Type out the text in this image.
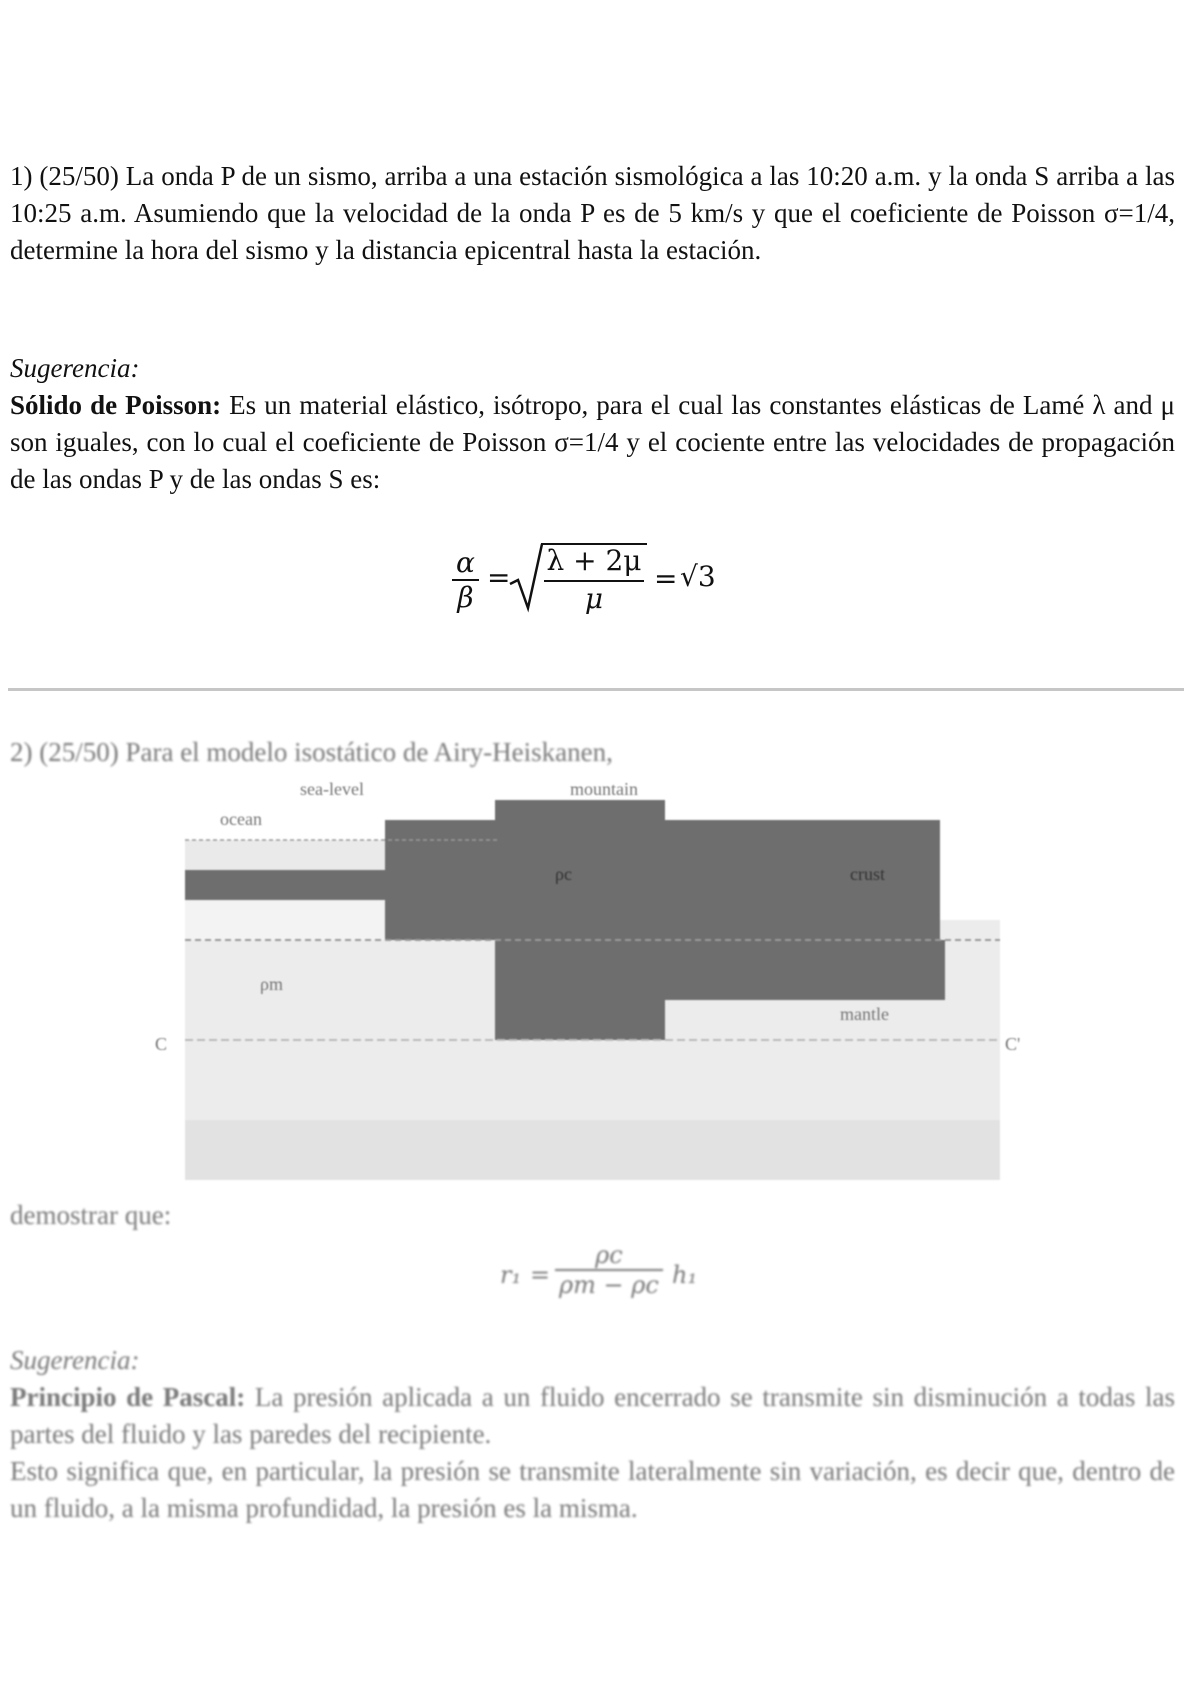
1) (25/50) La onda P de un sismo, arriba a una estación sismológica a las 10:20 a.m. y la onda S arriba a las 10:25 a.m. Asumiendo que la velocidad de la onda P es de 5 km/s y que el coeficiente de Poisson σ=1/4, determine la hora del sismo y la distancia epicentral hasta la estación.
Sugerencia:
Sólido de Poisson: Es un material elástico, isótropo, para el cual las constantes elásticas de Lamé λ and μ son iguales, con lo cual el coeficiente de Poisson σ=1/4 y el cociente entre las velocidades de propagación de las ondas P y de las ondas S es:
$\frac{\alpha}{\beta}$ =
λ + 2μ
μ
= √3
2) (25/50) Para el modelo isostático de Airy-Heiskanen,
mountain
sea-level
ocean
ρc	crust
ρm
mantle
C	C'
demostrar que:
$r_1 = \frac{\rho c}{\rho m - \rho c} h_1$
Sugerencia:
Principio de Pascal: La presión aplicada a un fluido encerrado se transmite sin disminución a todas las partes del fluido y las paredes del recipiente.
Esto significa que, en particular, la presión se transmite lateralmente sin variación, es decir que, dentro de un fluido, a la misma profundidad, la presión es la misma.
